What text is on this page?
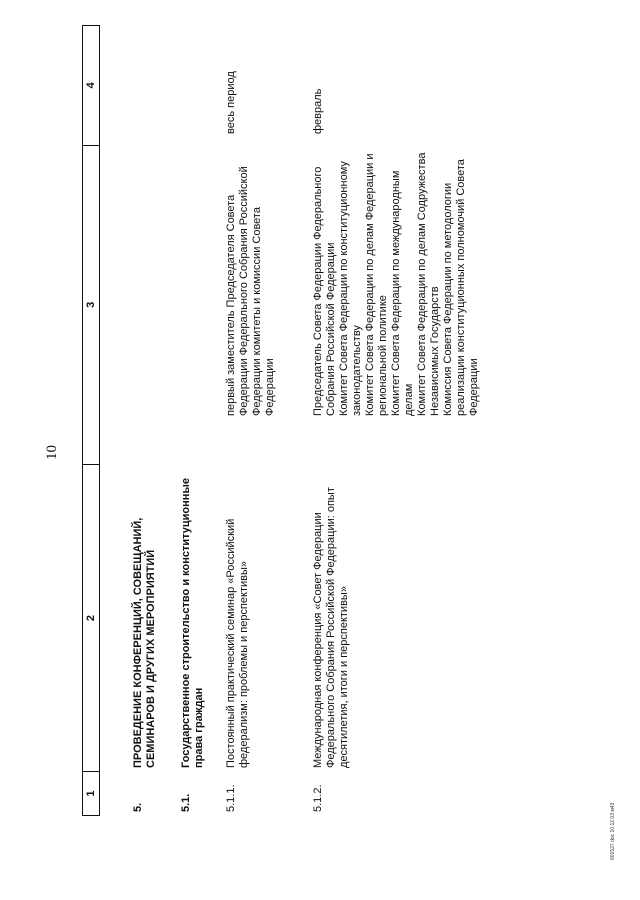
10
1
2
3
4
5.
ПРОВЕДЕНИЕ КОНФЕРЕНЦИЙ, СОВЕЩАНИЙ, СЕМИНАРОВ И ДРУГИХ МЕРОПРИЯТИЙ
5.1.
Государственное строительство и конституционные права граждан
5.1.1.
Постоянный практический семинар «Российский федерализм: проблемы и перспективы»
первый заместитель Председателя Совета Федерации Федерального Собрания Российской Федерации комитеты и комиссии Совета Федерации
весь период
5.1.2.
Международная конференция «Совет Федерации Федерального Собрания Российской Федерации: опыт десятилетия, итоги и перспективы»
Председатель Совета Федерации Федерального Собрания Российской Федерации
Комитет Совета Федерации по конституционному законодательству
Комитет Совета Федерации по делам Федерации и региональной политике
Комитет Совета Федерации по международным делам
Комитет Совета Федерации по делам Содружества Независимых Государств
Комиссия Совета Федерации по методологии реализации конституционных полномочий Совета Федерации
февраль
601527.doc 10.12.03 м43
